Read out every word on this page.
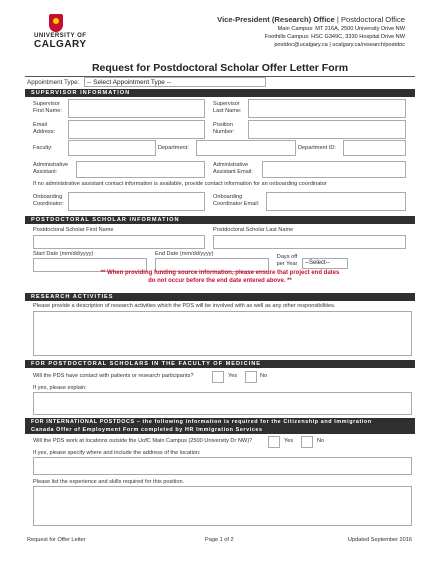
UNIVERSITY OF
CALGARY
Vice-President (Research) Office | Postdoctoral Office
Main Campus: MT 216A, 2500 University Drive NW
Foothills Campus: HSC G349C, 3330 Hospital Drive NW
postdoc@ucalgary.ca | ucalgary.ca/research/postdoc
Request for Postdoctoral Scholar Offer Letter Form
Appointment Type:	-- Select Appointment Type --
SUPERVISOR INFORMATION
Supervisor First Name:
Supervisor Last Name:
Email Address:
Position Number:
Faculty:	Department:	Department ID:
Administrative Assistant:
Administrative Assistant Email:
If no administrative assistant contact information is available, provide contact information for an onboarding coordinator
Onboarding Coordinator:
Onboarding Coordinator Email:
POSTDOCTORAL SCHOLAR INFORMATION
Postdoctoral Scholar First Name	Postdoctoral Scholar Last Name
Start Date (mm/dd/yyyy)	End Date (mm/dd/yyyy)	Days off per Year	--Select--
** When providing funding source information, please ensure that project end dates
do not occur before the end date entered above. **
RESEARCH ACTIVITIES
Please provide a description of research activities which the PDS will be involved with as well as any other responsibilities.
FOR POSTDOCTORAL SCHOLARS IN THE FACULTY OF MEDICINE
Will the PDS have contact with patients or research participants?	Yes	No
If yes, please explain:
FOR INTERNATIONAL POSTDOCS – the following information is required for the Citizenship and Immigration
Canada Offer of Employment Form completed by HR Immigration Services
Will the PDS work at locations outside the UofC Main Campus (2500 University Dr NW)?	Yes	No
If yes, please specify where and include the address of the location:
Please list the experience and skills required for this position.
Request for Offer Letter	Page 1 of 2	Updated September 2016
